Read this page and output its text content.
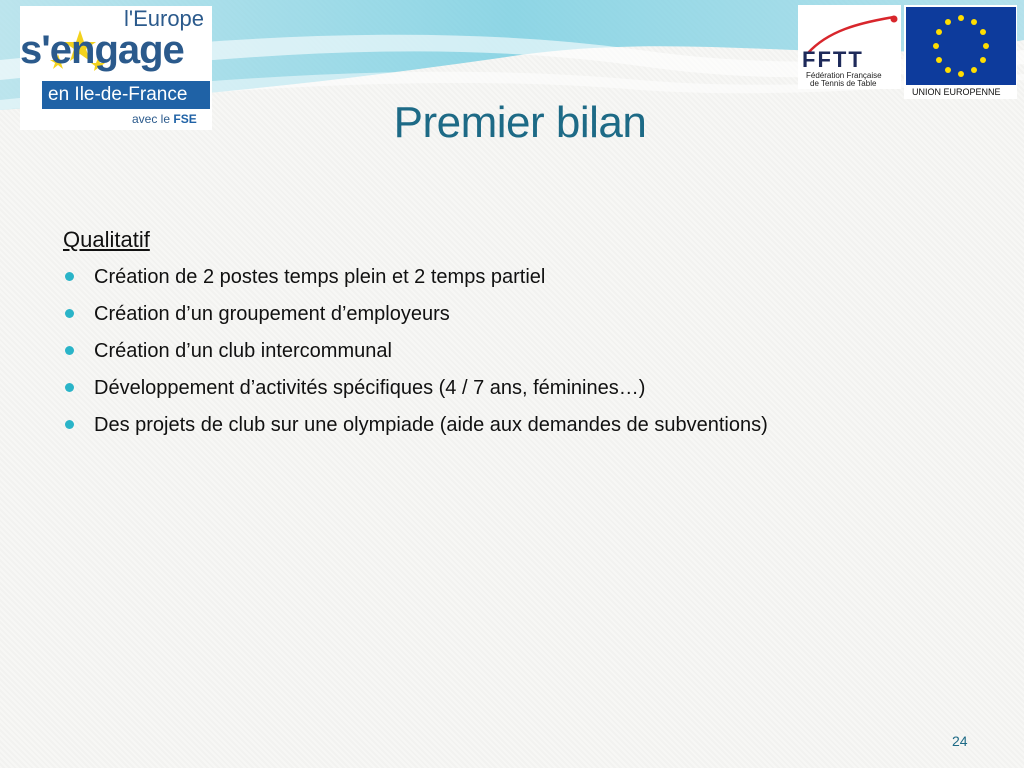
l'Europe
s'engage
en Ile-de-France
avec le FSE
FFTT
Fédération Française
de Tennis de Table
UNION EUROPENNE
Premier bilan
Qualitatif
Création de 2 postes temps plein et 2 temps partiel
Création d’un groupement d’employeurs
Création d’un club intercommunal
Développement d’activités spécifiques (4 / 7 ans, féminines…)
Des projets de club sur une olympiade (aide aux demandes de subventions)
24
